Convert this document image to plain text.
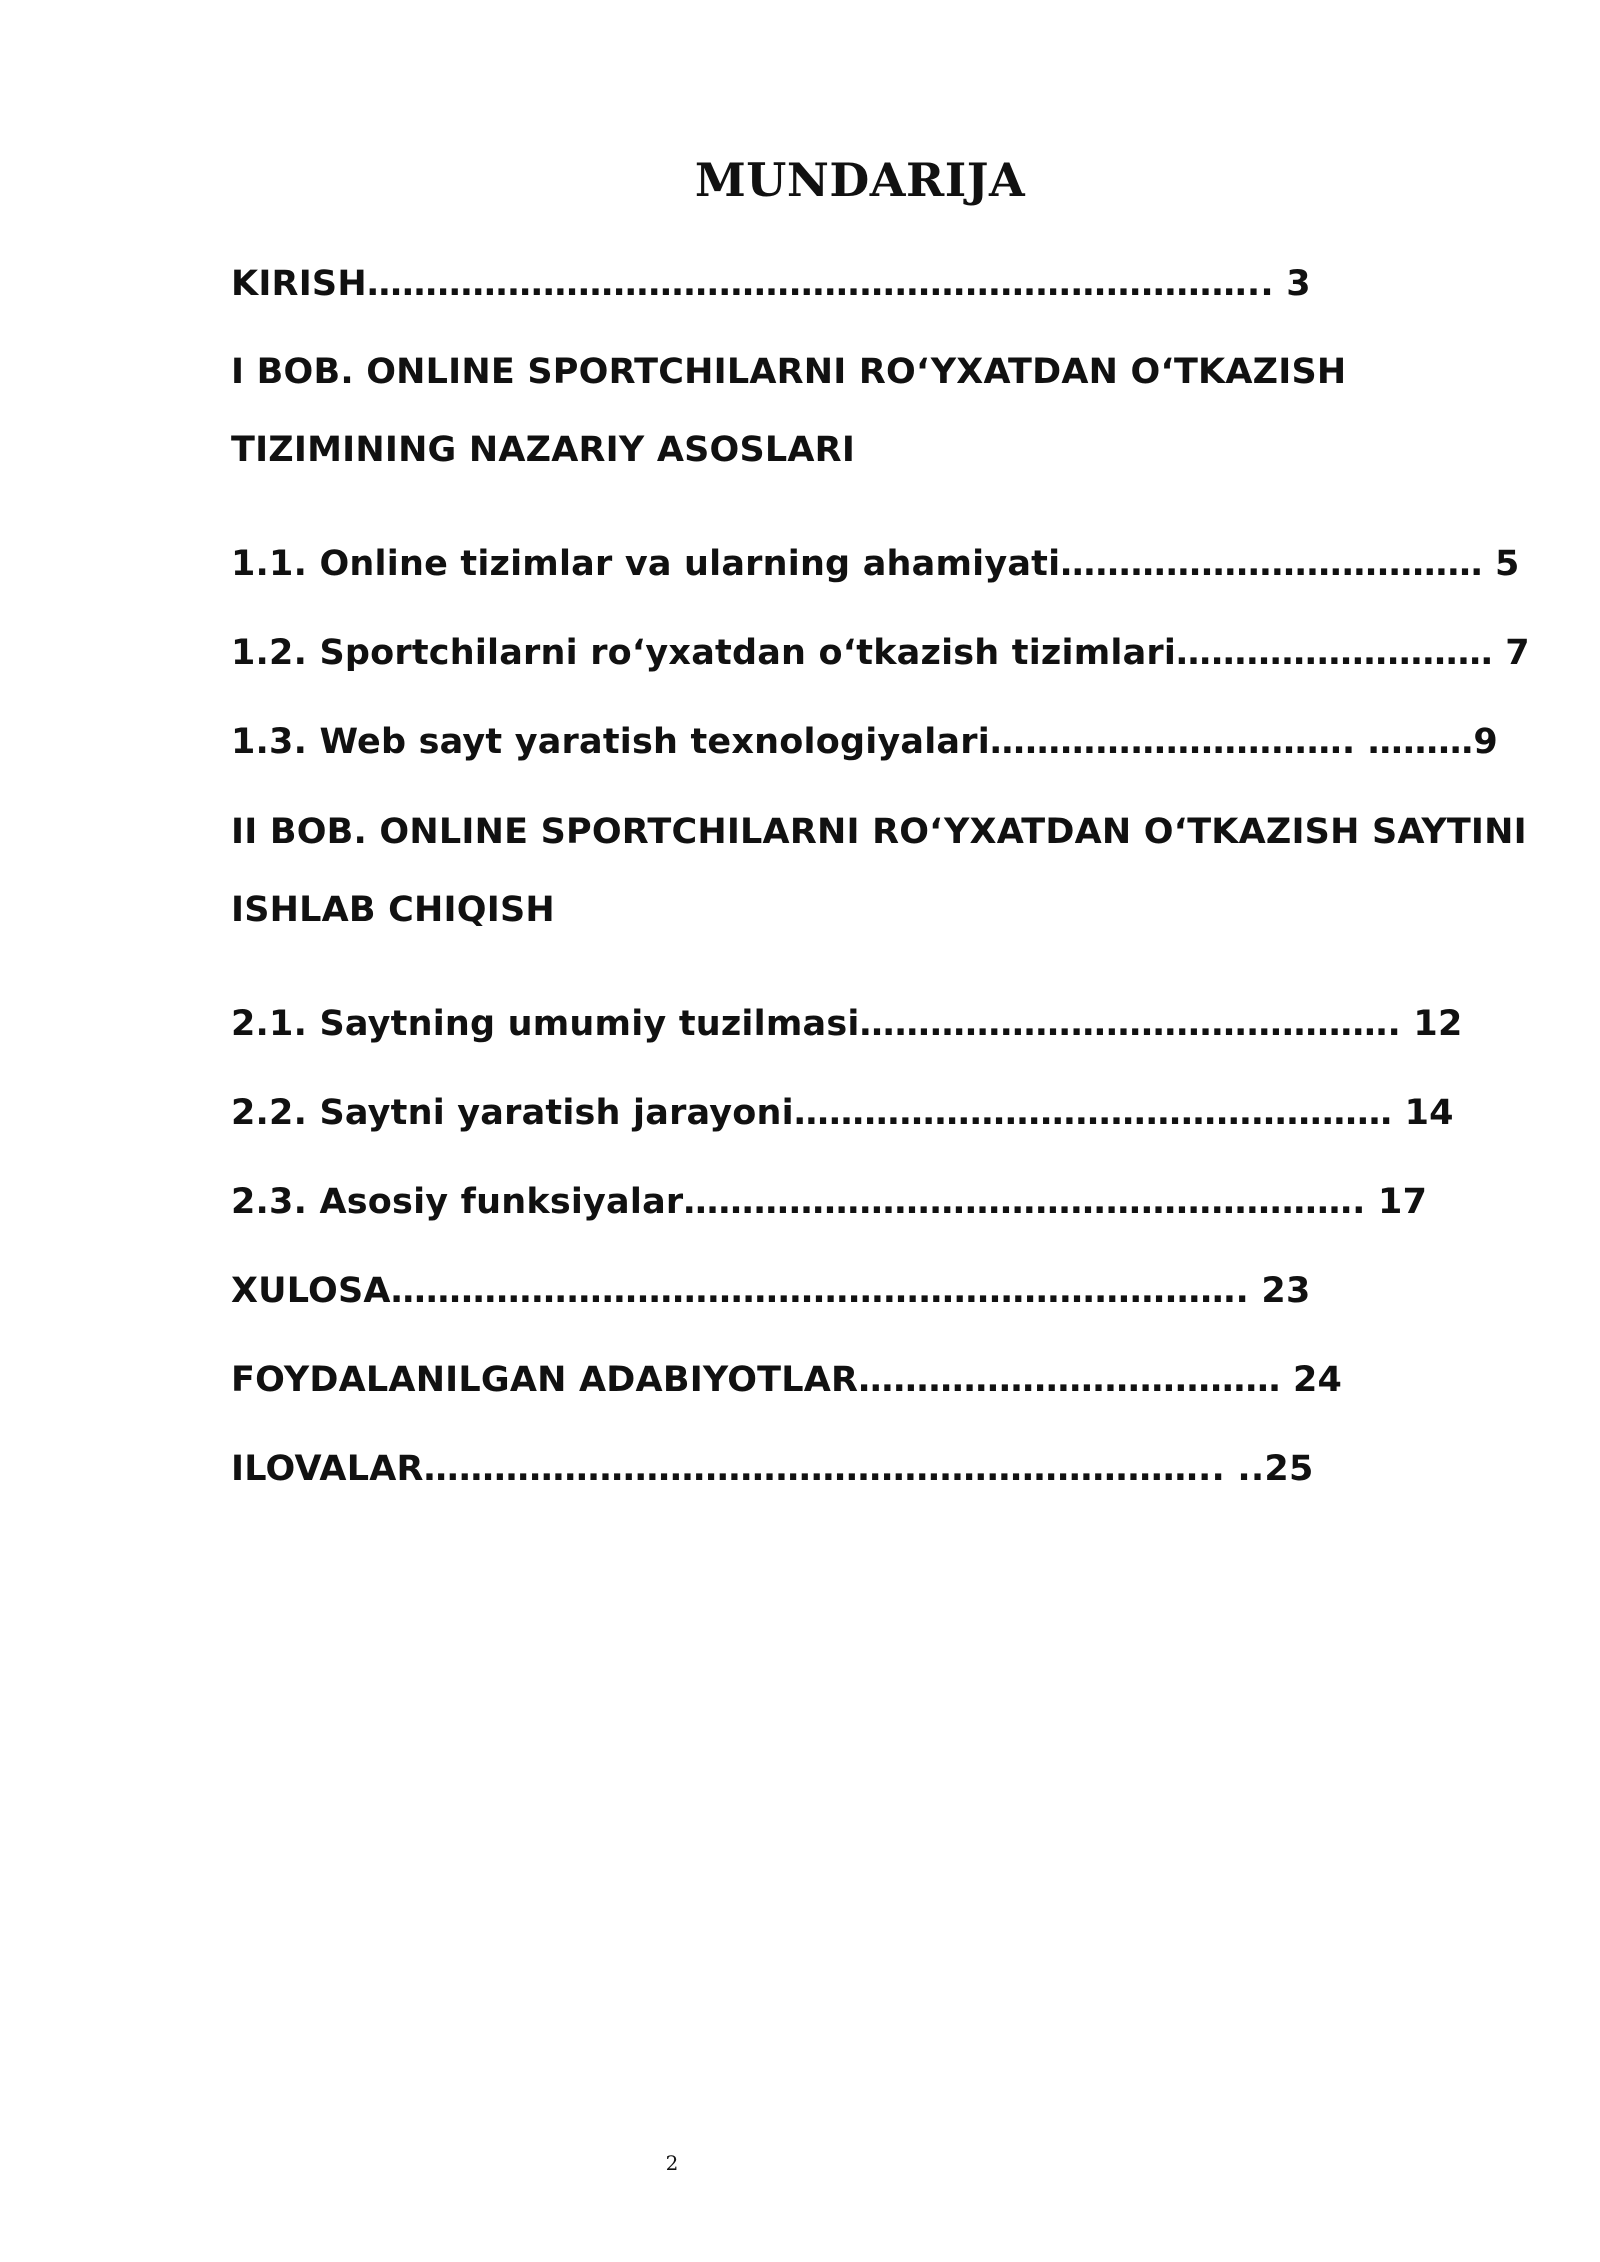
MUNDARIJA
KIRISH………………………………………………………………….. 3
I BOB. ONLINE SPORTCHILARNI RO‘YXATDAN O‘TKAZISH
TIZIMINING NAZARIY ASOSLARI
1.1. Online tizimlar va ularning ahamiyati……………………………… 5
1.2. Sportchilarni ro‘yxatdan o‘tkazish tizimlari……………………… 7
1.3. Web sayt yaratish texnologiyalari…………………………. ………9
II BOB. ONLINE SPORTCHILARNI RO‘YXATDAN O‘TKAZISH SAYTINI
ISHLAB CHIQISH
2.1. Saytning umumiy tuzilmasi………………………………………. 12
2.2. Saytni yaratish jarayoni…………………………………………… 14
2.3. Asosiy funksiyalar…………………………………………………. 17
XULOSA………………………………………………………………. 23
FOYDALANILGAN ADABIYOTLAR……………………………… 24
ILOVALAR………………………………………………………….. ..25
2
